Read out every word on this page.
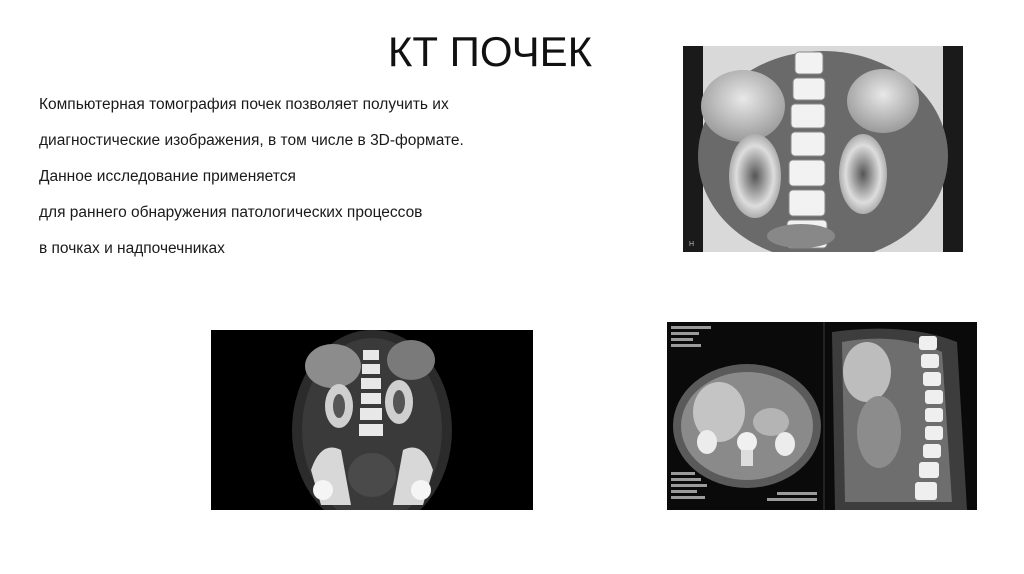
КТ ПОЧЕК
Компьютерная томография почек позволяет получить их
диагностические изображения, в том числе в 3D-формате.
Данное исследование применяется
для раннего обнаружения патологических процессов
в почках и надпочечниках	H
